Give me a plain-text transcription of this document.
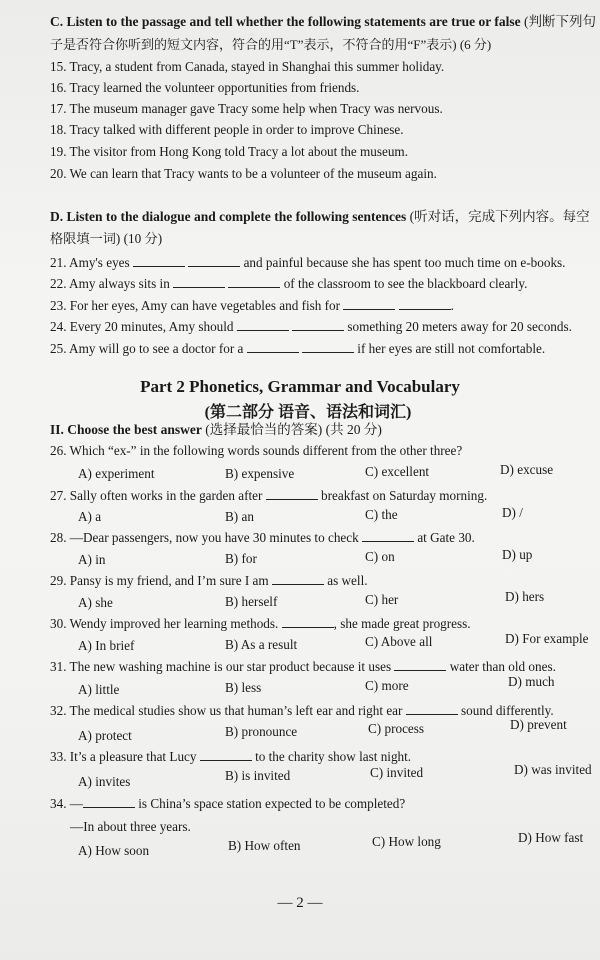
C. Listen to the passage and tell whether the following statements are true or false (判断下列句
子是否符合你听到的短文内容，符合的用“T”表示，不符合的用“F”表示) (6 分)
15. Tracy, a student from Canada, stayed in Shanghai this summer holiday.
16. Tracy learned the volunteer opportunities from friends.
17. The museum manager gave Tracy some help when Tracy was nervous.
18. Tracy talked with different people in order to improve Chinese.
19. The visitor from Hong Kong told Tracy a lot about the museum.
20. We can learn that Tracy wants to be a volunteer of the museum again.
D. Listen to the dialogue and complete the following sentences (听对话，完成下列内容。每空
格限填一词) (10 分)
21. Amy's eyes	and painful because she has spent too much time on e-books.
22. Amy always sits in	of the classroom to see the blackboard clearly.
23. For her eyes, Amy can have vegetables and fish for	.
24. Every 20 minutes, Amy should	something 20 meters away for 20 seconds.
25. Amy will go to see a doctor for a	if her eyes are still not comfortable.
Part 2 Phonetics, Grammar and Vocabulary
(第二部分 语音、语法和词汇)
II. Choose the best answer (选择最恰当的答案) (共 20 分)
26. Which “ex-” in the following words sounds different from the other three?
A) experiment	B) expensive	C) excellent	D) excuse
27. Sally often works in the garden after	breakfast on Saturday morning.
A) a	B) an	C) the	D) /
28. —Dear passengers, now you have 30 minutes to check	at Gate 30.
A) in	B) for	C) on	D) up
29. Pansy is my friend, and I’m sure I am	as well.
A) she	B) herself	C) her	D) hers
30. Wendy improved her learning methods.	, she made great progress.
A) In brief	B) As a result	C) Above all	D) For example
31. The new washing machine is our star product because it uses	water than old ones.
A) little	B) less	C) more	D) much
32. The medical studies show us that human’s left ear and right ear	sound differently.
A) protect	B) pronounce	C) process	D) prevent
33. It’s a pleasure that Lucy	to the charity show last night.
A) invites	B) is invited	C) invited	D) was invited
34. —	is China’s space station expected to be completed?
—In about three years.
A) How soon	B) How often	C) How long	D) How fast
— 2 —
